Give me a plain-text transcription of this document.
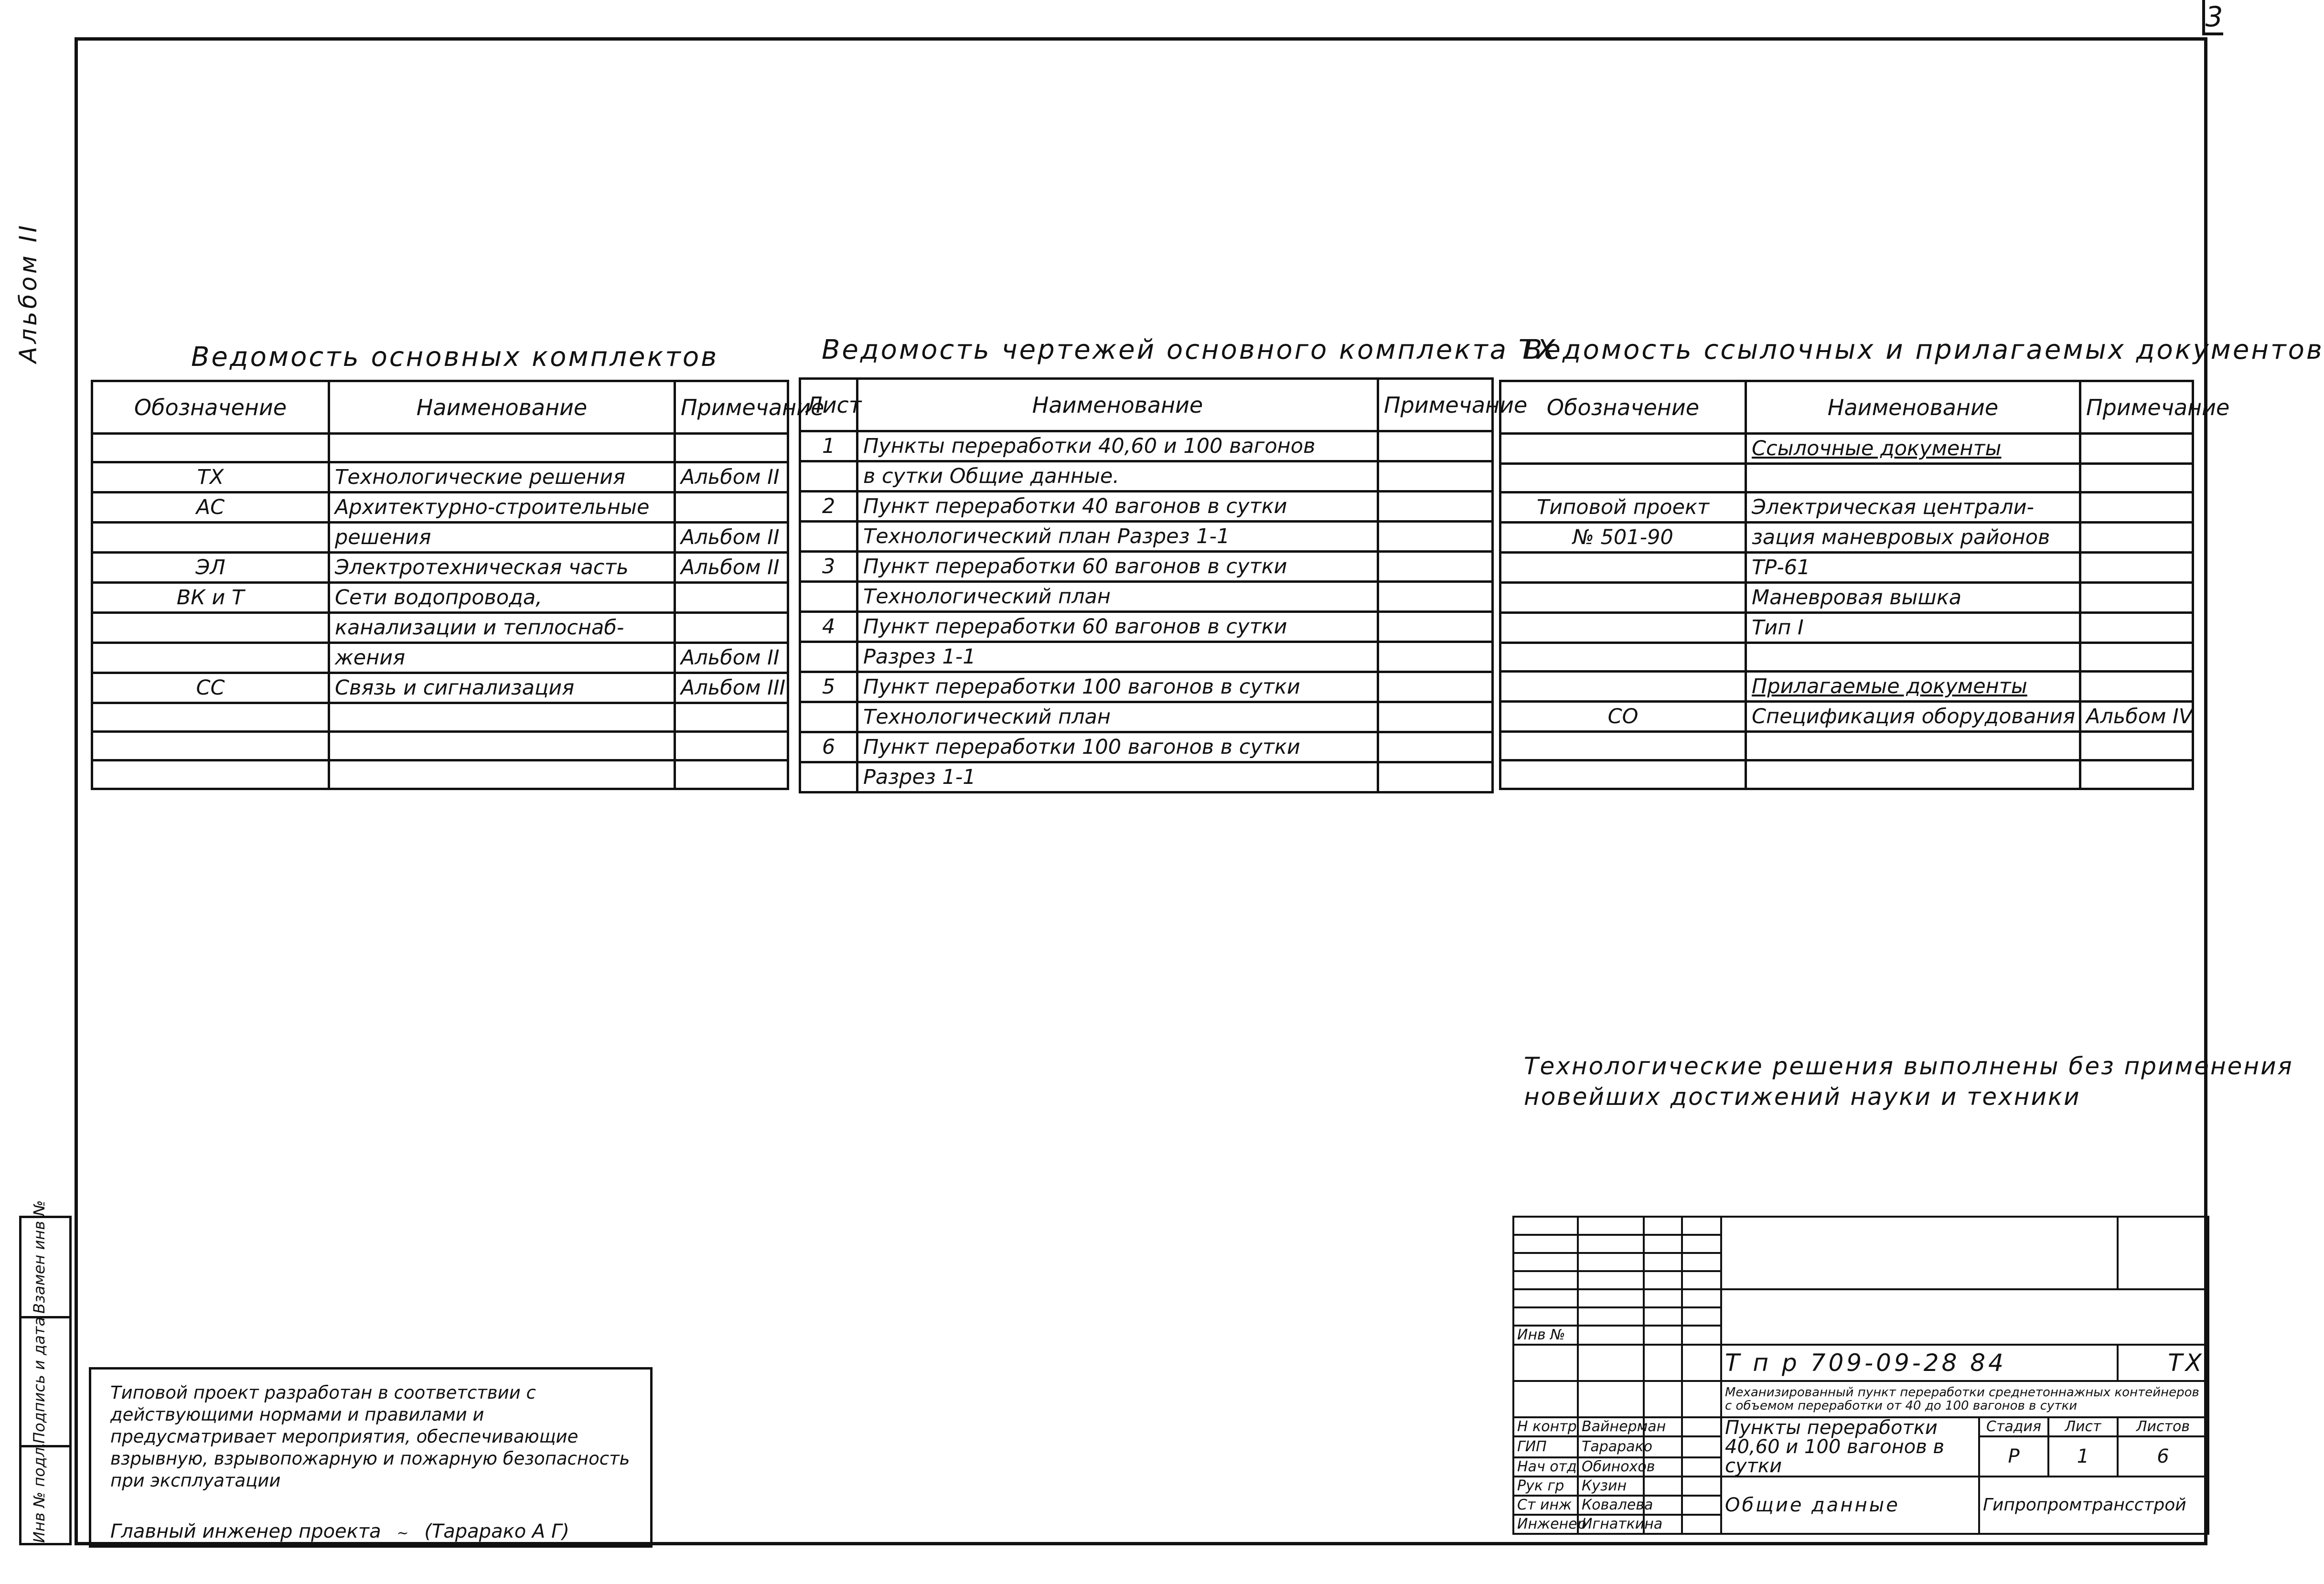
3
Альбом II	Ведомость основных комплектов
Обозначение	Наименование	Примечание

ТХ	Технологические решения	Альбом II
АС	Архитектурно-строительные	
	решения	Альбом II
ЭЛ	Электротехническая часть	Альбом II
ВК и Т	Сети водопровода,	
	канализации и теплоснаб-	
	жения	Альбом II
СС	Связь и сигнализация	Альбом III

Ведомость чертежей основного комплекта ТХ
Лист	Наименование	Примечание
1	Пункты переработки 40,60 и 100 вагонов	
	в сутки Общие данные.	
2	Пункт переработки 40 вагонов в сутки	
	Технологический план Разрез 1-1	
3	Пункт переработки 60 вагонов в сутки	
	Технологический план	
4	Пункт переработки 60 вагонов в сутки	
	Разрез 1-1	
5	Пункт переработки 100 вагонов в сутки	
	Технологический план	
6	Пункт переработки 100 вагонов в сутки	
	Разрез 1-1	
Ведомость ссылочных и прилагаемых документов
Обозначение	Наименование	Примечание
	Ссылочные документы	

Типовой проект	Электрическая централи-	
№ 501-90	зация маневровых районов	
	ТР-61	
	Маневровая вышка	
	Тип I	

	Прилагаемые документы	
СО	Спецификация оборудования	Альбом IV

Технологические решения выполнены без применения
новейших достижений науки и техники
Типовой проект разработан в соответствии с действующими нормами и правилами и предусматривает мероприятия, обеспечивающие взрывную, взрывопожарную и пожарную безопасность при эксплуатации
Главный инженер проекта ~ (Тарарако А Г)
Взамен инв №
Подпись и дата
Инв № подл.

Инв №							
				Т п р 709-09-28 84			ТХ
				Механизированный пункт переработки среднетоннажных контейнеров с объемом переработки от 40 до 100 вагонов в сутки			
Н контр	Вайнерман			Пункты переработки 40,60 и 100 вагонов в сутки	Стадия	Лист	Листов
ГИП	Тарарако				Р	1	6
Нач отд	Обинохов						
Рук гр	Кузин			Общие данные	Гипропромтрансстрой		
Ст инж	Ковалева						
Инженер	Игнаткина						
